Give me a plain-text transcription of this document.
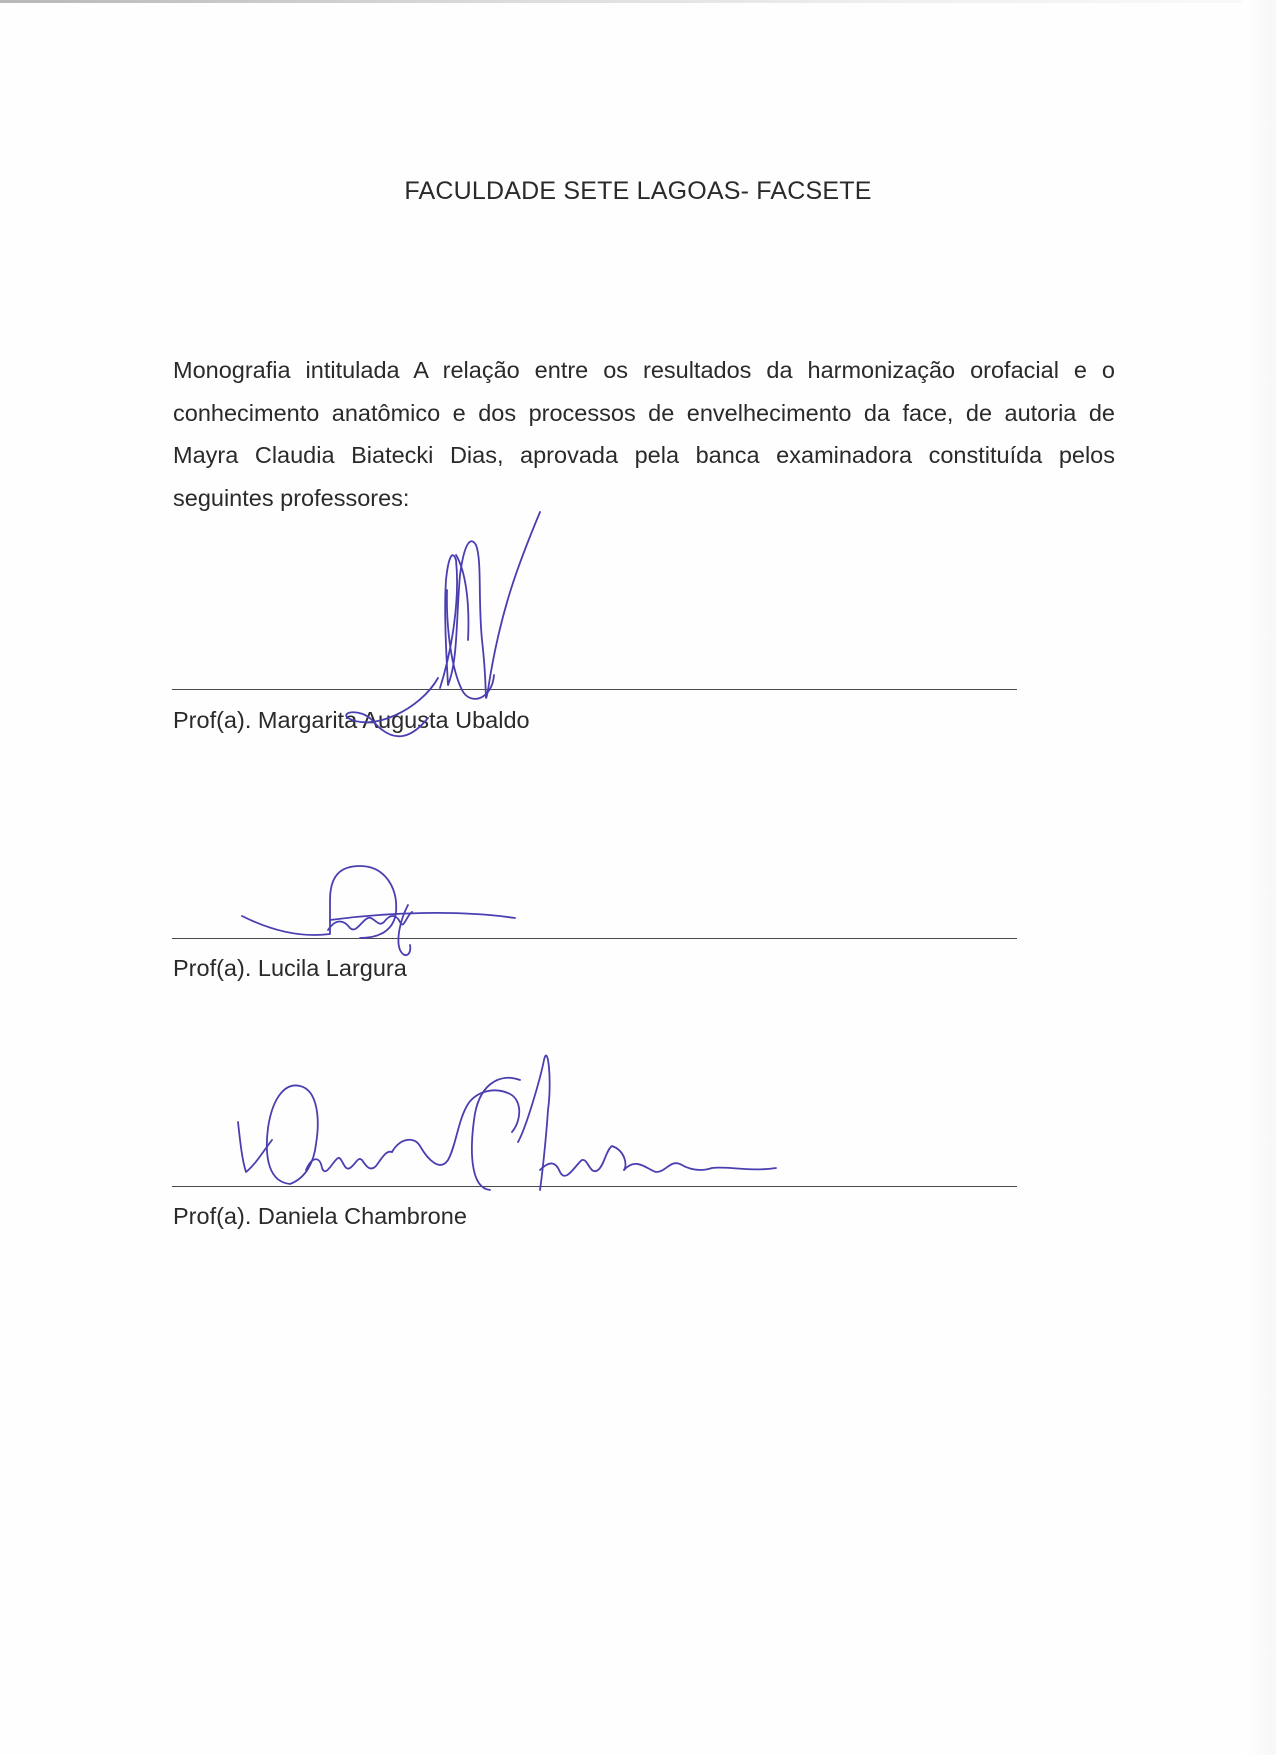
FACULDADE SETE LAGOAS- FACSETE
Monografia intitulada A relação entre os resultados da harmonização orofacial e o conhecimento anatômico e dos processos de envelhecimento da face, de autoria de Mayra Claudia Biatecki Dias, aprovada pela banca examinadora constituída pelos seguintes professores:
Prof(a). Margarita Augusta Ubaldo
Prof(a). Lucila Largura
Prof(a). Daniela Chambrone
